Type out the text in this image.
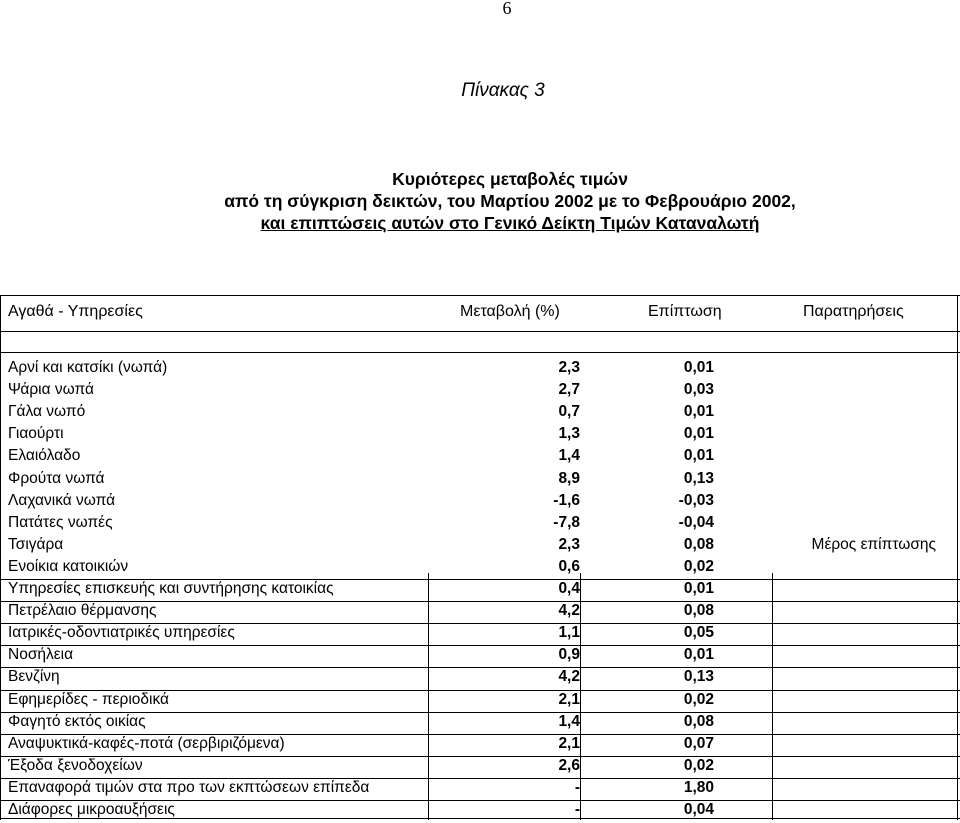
6
Πίνακας 3
Κυριότερες μεταβολές τιμών
από τη σύγκριση δεικτών, του Μαρτίου 2002 με το Φεβρουάριο 2002,
και επιπτώσεις αυτών στο Γενικό Δείκτη Τιμών Καταναλωτή
Αγαθά - Υπηρεσίες	Μεταβολή (%)	Επίπτωση	Παρατηρήσεις
Αρνί και κατσίκι (νωπά)	2,3	0,01
Ψάρια νωπά	2,7	0,03
Γάλα νωπό	0,7	0,01
Γιαούρτι	1,3	0,01
Ελαιόλαδο	1,4	0,01
Φρούτα νωπά	8,9	0,13
Λαχανικά νωπά	-1,6	-0,03
Πατάτες νωπές	-7,8	-0,04
Τσιγάρα	2,3	0,08	Μέρος επίπτωσης
Ενοίκια κατοικιών	0,6	0,02
Υπηρεσίες επισκευής και συντήρησης κατοικίας	0,4	0,01
Πετρέλαιο θέρμανσης	4,2	0,08
Ιατρικές-οδοντιατρικές υπηρεσίες	1,1	0,05
Νοσήλεια	0,9	0,01
Βενζίνη	4,2	0,13
Εφημερίδες - περιοδικά	2,1	0,02
Φαγητό εκτός οικίας	1,4	0,08
Αναψυκτικά-καφές-ποτά (σερβιριζόμενα)	2,1	0,07
Έξοδα ξενοδοχείων	2,6	0,02
Επαναφορά τιμών στα προ των εκπτώσεων επίπεδα	-	1,80
Διάφορες μικροαυξήσεις	-	0,04
